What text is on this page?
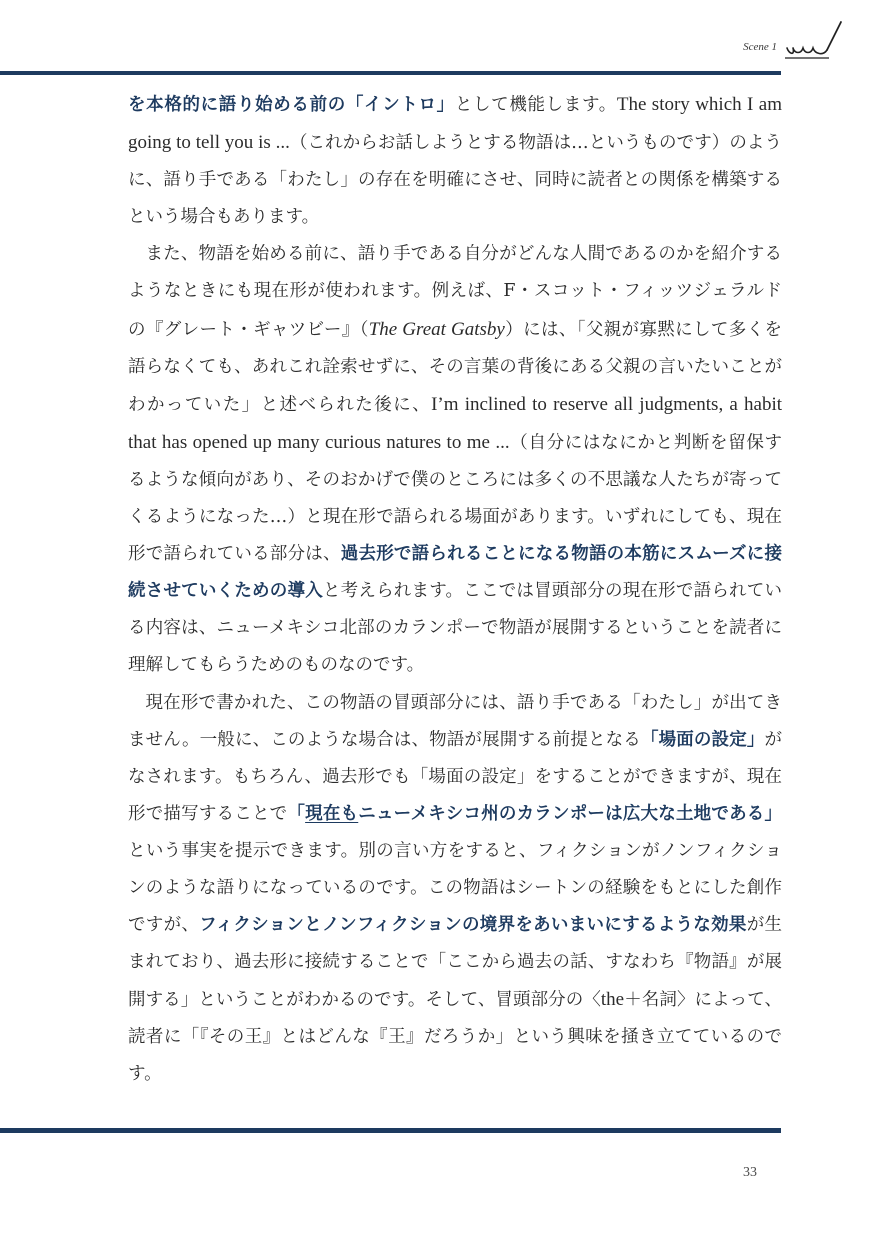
Scene 1

を本格的に語り始める前の「イントロ」として機能します。The story which I am going to tell you is ...（これからお話しようとする物語は…というものです）のように、語り手である「わたし」の存在を明確にさせ、同時に読者との関係を構築するという場合もあります。

また、物語を始める前に、語り手である自分がどんな人間であるのかを紹介するようなときにも現在形が使われます。例えば、F・スコット・フィッツジェラルドの『グレート・ギャツビー』（The Great Gatsby）には、「父親が寡黙にして多くを語らなくても、あれこれ詮索せずに、その言葉の背後にある父親の言いたいことがわかっていた」と述べられた後に、I’m inclined to reserve all judgments, a habit that has opened up many curious natures to me ...（自分にはなにかと判断を留保するような傾向があり、そのおかげで僕のところには多くの不思議な人たちが寄ってくるようになった…）と現在形で語られる場面があります。いずれにしても、現在形で語られている部分は、過去形で語られることになる物語の本筋にスムーズに接続させていくための導入と考えられます。ここでは冒頭部分の現在形で語られている内容は、ニューメキシコ北部のカランポーで物語が展開するということを読者に理解してもらうためのものなのです。

現在形で書かれた、この物語の冒頭部分には、語り手である「わたし」が出てきません。一般に、このような場合は、物語が展開する前提となる「場面の設定」がなされます。もちろん、過去形でも「場面の設定」をすることができますが、現在形で描写することで「現在もニューメキシコ州のカランポーは広大な土地である」という事実を提示できます。別の言い方をすると、フィクションがノンフィクションのような語りになっているのです。この物語はシートンの経験をもとにした創作ですが、フィクションとノンフィクションの境界をあいまいにするような効果が生まれており、過去形に接続することで「ここから過去の話、すなわち『物語』が展開する」ということがわかるのです。そして、冒頭部分の〈the＋名詞〉によって、読者に「『その王』とはどんな『王』だろうか」という興味を掻き立てているのです。

33
